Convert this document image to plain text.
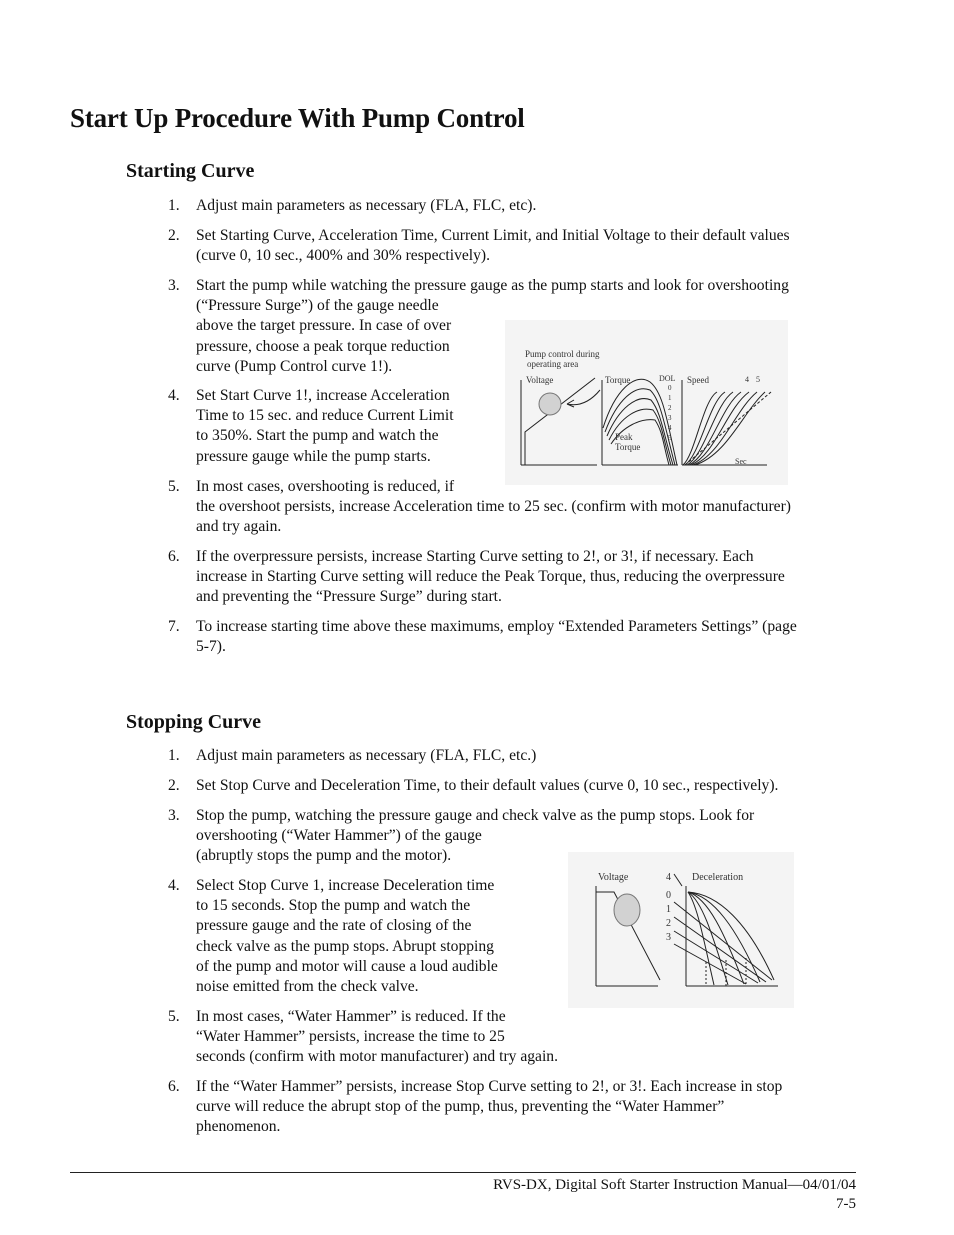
Start Up Procedure With Pump Control
Starting Curve
1.	Adjust main parameters as necessary (FLA, FLC, etc).
2.	Set Starting Curve, Acceleration Time, Current Limit, and Initial Voltage to their default values
(curve 0, 10 sec., 400% and 30% respectively).
3.	Start the pump while watching the pressure gauge as the pump starts and look for overshooting
(“Pressure Surge”) of the gauge needle
above the target pressure. In case of over
pressure, choose a peak torque reduction
curve (Pump Control curve 1!).
4.	Set Start Curve 1!, increase Acceleration
Time to 15 sec. and reduce Current Limit
to 350%. Start the pump and watch the
pressure gauge while the pump starts.
5.	In most cases, overshooting is reduced, if
the overshoot persists, increase Acceleration time to 25 sec. (confirm with motor manufacturer)
and try again.
6.	If the overpressure persists, increase Starting Curve setting to 2!, or 3!, if necessary. Each
increase in Starting Curve setting will reduce the Peak Torque, thus, reducing the overpressure
and preventing the “Pressure Surge” during start.
7.	To increase starting time above these maximums, employ “Extended Parameters Settings” (page
5-7).
Pump control during
operating area
Voltage	Torque	DOL
0
1
2
3
4
5
Peak
Torque
Speed	4 5
Sec
Stopping Curve
1.	Adjust main parameters as necessary (FLA, FLC, etc.)
2.	Set Stop Curve and Deceleration Time, to their default values (curve 0, 10 sec., respectively).
3.	Stop the pump, watching the pressure gauge and check valve as the pump stops. Look for
overshooting (“Water Hammer”) of the gauge
(abruptly stops the pump and the motor).
4.	Select Stop Curve 1, increase Deceleration time
to 15 seconds. Stop the pump and watch the
pressure gauge and the rate of closing of the
check valve as the pump stops. Abrupt stopping
of the pump and motor will cause a loud audible
noise emitted from the check valve.
5.	In most cases, “Water Hammer” is reduced. If the
“Water Hammer” persists, increase the time to 25
seconds (confirm with motor manufacturer) and try again.
6.	If the “Water Hammer” persists, increase Stop Curve setting to 2!, or 3!. Each increase in stop
curve will reduce the abrupt stop of the pump, thus, preventing the “Water Hammer”
phenomenon.
Voltage	4 Deceleration
0
1
2
3
RVS-DX, Digital Soft Starter Instruction Manual—04/01/04
7-5
